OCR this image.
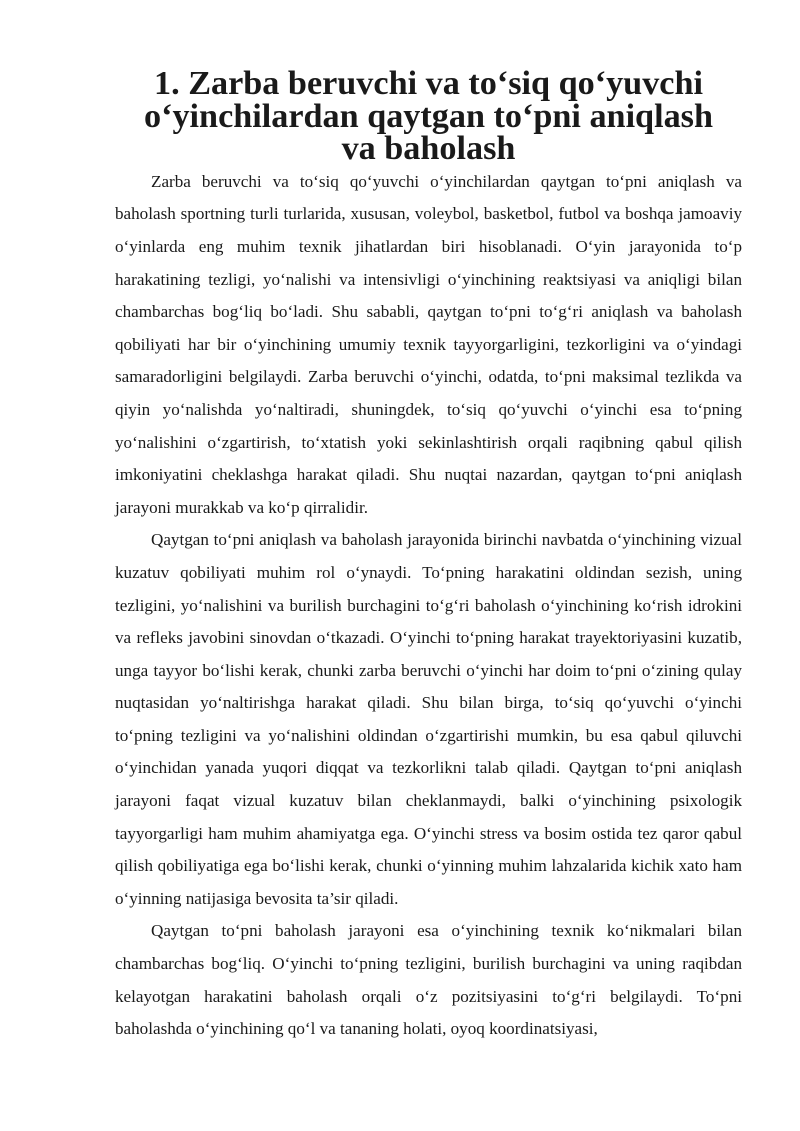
1. Zarba beruvchi va to‘siq qo‘yuvchi o‘yinchilardan qaytgan to‘pni aniqlash
va baholash

Zarba beruvchi va to‘siq qo‘yuvchi o‘yinchilardan qaytgan to‘pni aniqlash va baholash sportning turli turlarida, xususan, voleybol, basketbol, futbol va boshqa jamoaviy o‘yinlarda eng muhim texnik jihatlardan biri hisoblanadi. O‘yin jarayonida to‘p harakatining tezligi, yo‘nalishi va intensivligi o‘yinchining reaktsiyasi va aniqligi bilan chambarchas bog‘liq bo‘ladi. Shu sababli, qaytgan to‘pni to‘g‘ri aniqlash va baholash qobiliyati har bir o‘yinchining umumiy texnik tayyorgarligini, tezkorligini va o‘yindagi samaradorligini belgilaydi. Zarba beruvchi o‘yinchi, odatda, to‘pni maksimal tezlikda va qiyin yo‘nalishda yo‘naltiradi, shuningdek, to‘siq qo‘yuvchi o‘yinchi esa to‘pning yo‘nalishini o‘zgartirish, to‘xtatish yoki sekinlashtirish orqali raqibning qabul qilish imkoniyatini cheklashga harakat qiladi. Shu nuqtai nazardan, qaytgan to‘pni aniqlash jarayoni murakkab va ko‘p qirralidir.

Qaytgan to‘pni aniqlash va baholash jarayonida birinchi navbatda o‘yinchining vizual kuzatuv qobiliyati muhim rol o‘ynaydi. To‘pning harakatini oldindan sezish, uning tezligini, yo‘nalishini va burilish burchagini to‘g‘ri baholash o‘yinchining ko‘rish idrokini va refleks javobini sinovdan o‘tkazadi. O‘yinchi to‘pning harakat trayektoriyasini kuzatib, unga tayyor bo‘lishi kerak, chunki zarba beruvchi o‘yinchi har doim to‘pni o‘zining qulay nuqtasidan yo‘naltirishga harakat qiladi. Shu bilan birga, to‘siq qo‘yuvchi o‘yinchi to‘pning tezligini va yo‘nalishini oldindan o‘zgartirishi mumkin, bu esa qabul qiluvchi o‘yinchidan yanada yuqori diqqat va tezkorlikni talab qiladi. Qaytgan to‘pni aniqlash jarayoni faqat vizual kuzatuv bilan cheklanmaydi, balki o‘yinchining psixologik tayyorgarligi ham muhim ahamiyatga ega. O‘yinchi stress va bosim ostida tez qaror qabul qilish qobiliyatiga ega bo‘lishi kerak, chunki o‘yinning muhim lahzalarida kichik xato ham o‘yinning natijasiga bevosita ta’sir qiladi.

Qaytgan to‘pni baholash jarayoni esa o‘yinchining texnik ko‘nikmalari bilan chambarchas bog‘liq. O‘yinchi to‘pning tezligini, burilish burchagini va uning raqibdan kelayotgan harakatini baholash orqali o‘z pozitsiyasini to‘g‘ri belgilaydi. To‘pni baholashda o‘yinchining qo‘l va tananing holati, oyoq koordinatsiyasi,
